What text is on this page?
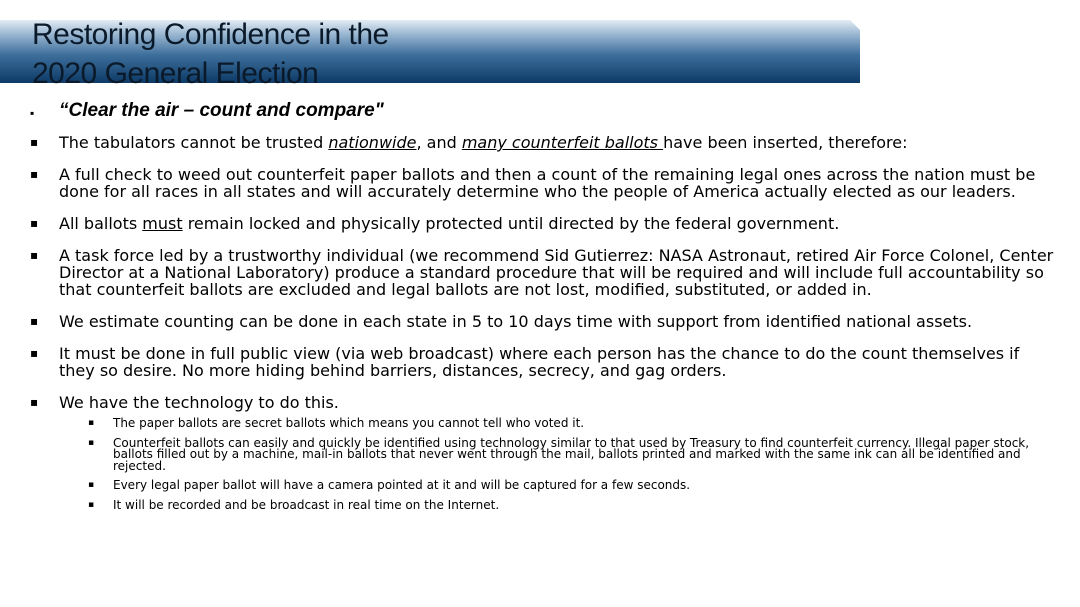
Restoring Confidence in the
2020 General Election
▪ “Clear the air – count and compare"
▪ The tabulators cannot be trusted nationwide, and many counterfeit ballots have been inserted, therefore:
▪ A full check to weed out counterfeit paper ballots and then a count of the remaining legal ones across the nation must be done for all races in all states and will accurately determine who the people of America actually elected as our leaders.
▪ All ballots must remain locked and physically protected until directed by the federal government.
▪ A task force led by a trustworthy individual (we recommend Sid Gutierrez: NASA Astronaut, retired Air Force Colonel, Center Director at a National Laboratory) produce a standard procedure that will be required and will include full accountability so that counterfeit ballots are excluded and legal ballots are not lost, modified, substituted, or added in.
▪ We estimate counting can be done in each state in 5 to 10 days time with support from identified national assets.
▪ It must be done in full public view (via web broadcast) where each person has the chance to do the count themselves if they so desire. No more hiding behind barriers, distances, secrecy, and gag orders.
▪ We have the technology to do this.
▪ The paper ballots are secret ballots which means you cannot tell who voted it.
▪ Counterfeit ballots can easily and quickly be identified using technology similar to that used by Treasury to find counterfeit currency. Illegal paper stock, ballots filled out by a machine, mail-in ballots that never went through the mail, ballots printed and marked with the same ink can all be identified and rejected.
▪ Every legal paper ballot will have a camera pointed at it and will be captured for a few seconds.
▪ It will be recorded and be broadcast in real time on the Internet.
